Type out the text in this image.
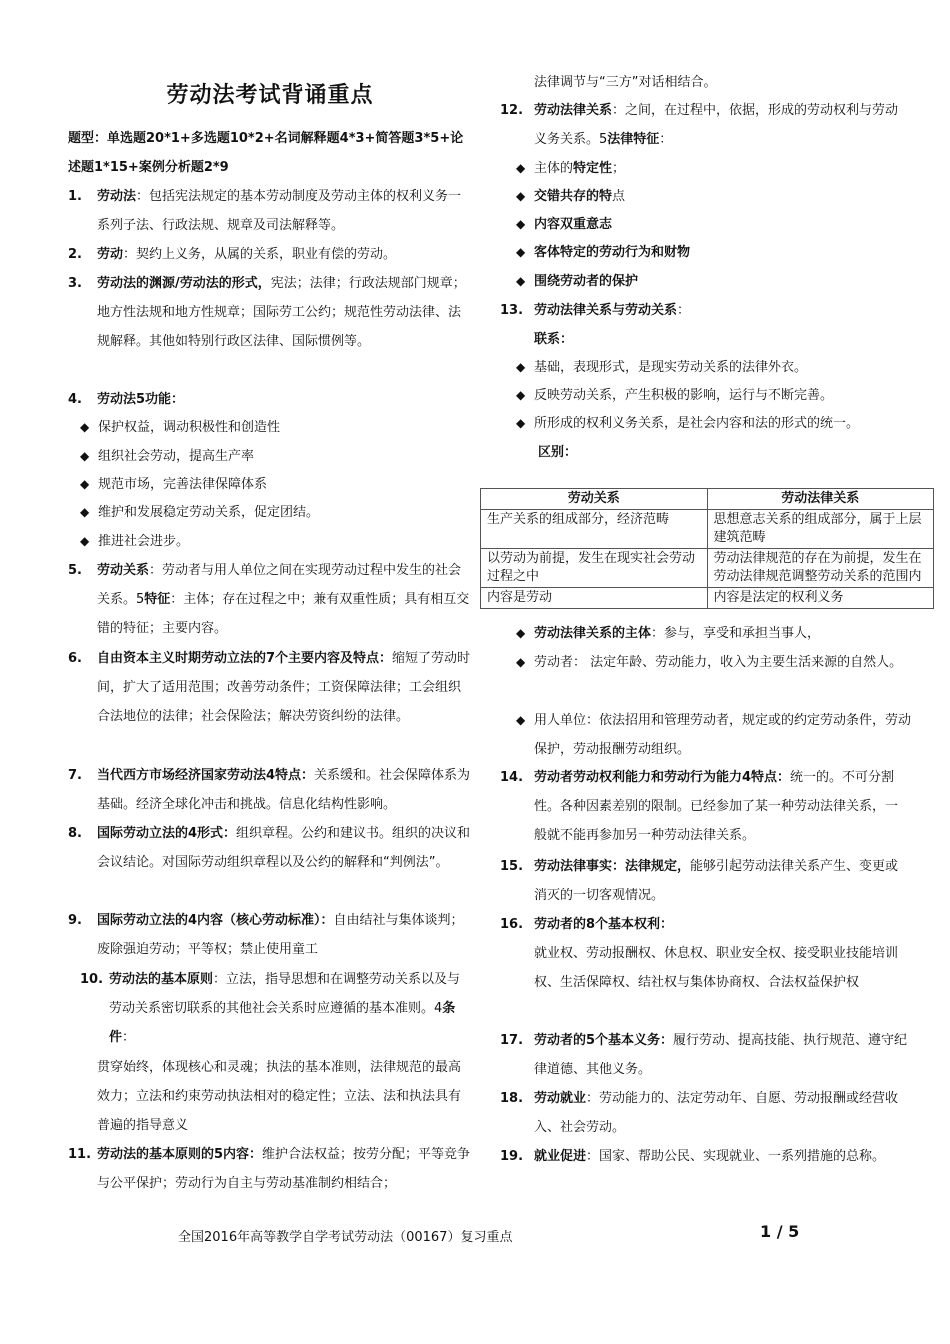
劳动法考试背诵重点
题型：单选题20*1+多选题10*2+名词解释题4*3+简答题3*5+论述题1*15+案例分析题2*9
1.	劳动法：包括宪法规定的基本劳动制度及劳动主体的权利义务一系列子法、行政法规、规章及司法解释等。
2.	劳动：契约上义务，从属的关系，职业有偿的劳动。
3.	劳动法的渊源/劳动法的形式，宪法；法律；行政法规部门规章；地方性法规和地方性规章；国际劳工公约；规范性劳动法律、法规解释。其他如特别行政区法律、国际惯例等。
4.	劳动法5功能：
◆ 保护权益，调动积极性和创造性
◆ 组织社会劳动，提高生产率
◆ 规范市场，完善法律保障体系
◆ 维护和发展稳定劳动关系，促定团结。
◆ 推进社会进步。
5.	劳动关系：劳动者与用人单位之间在实现劳动过程中发生的社会关系。5特征：主体；存在过程之中；兼有双重性质；具有相互交错的特征；主要内容。
6.	自由资本主义时期劳动立法的7个主要内容及特点：缩短了劳动时间，扩大了适用范围；改善劳动条件；工资保障法律；工会组织合法地位的法律；社会保险法；解决劳资纠纷的法律。
7.	当代西方市场经济国家劳动法4特点：关系缓和。社会保障体系为基础。经济全球化冲击和挑战。信息化结构性影响。
8.	国际劳动立法的4形式：组织章程。公约和建议书。组织的决议和会议结论。对国际劳动组织章程以及公约的解释和“判例法”。
9.	国际劳动立法的4内容（核心劳动标准）：自由结社与集体谈判；废除强迫劳动；平等权；禁止使用童工
10. 劳动法的基本原则：立法，指导思想和在调整劳动关系以及与劳动关系密切联系的其他社会关系时应遵循的基本准则。4条件：
贯穿始终，体现核心和灵魂；执法的基本准则，法律规范的最高效力；立法和约束劳动执法相对的稳定性；立法、法和执法具有普遍的指导意义
11. 劳动法的基本原则的5内容：维护合法权益；按劳分配；平等竞争与公平保护；劳动行为自主与劳动基准制约相结合；
法律调节与“三方”对话相结合。
12. 劳动法律关系：之间，在过程中，依据，形成的劳动权利与劳动义务关系。5法律特征：
◆ 主体的特定性；
◆ 交错共存的特点
◆ 内容双重意志
◆ 客体特定的劳动行为和财物
◆ 围绕劳动者的保护
13. 劳动法律关系与劳动关系：
联系：
◆ 基础，表现形式，是现实劳动关系的法律外衣。
◆ 反映劳动关系，产生积极的影响，运行与不断完善。
◆ 所形成的权利义务关系，是社会内容和法的形式的统一。
区别：
劳动关系	劳动法律关系
生产关系的组成部分，经济范畴	思想意志关系的组成部分，属于上层建筑范畴
以劳动为前提，发生在现实社会劳动过程之中	劳动法律规范的存在为前提，发生在劳动法律规范调整劳动关系的范围内
内容是劳动	内容是法定的权利义务
◆ 劳动法律关系的主体：参与，享受和承担当事人，
◆ 劳动者： 法定年龄、劳动能力，收入为主要生活来源的自然人。
◆ 用人单位：依法招用和管理劳动者，规定或的约定劳动条件，劳动保护，劳动报酬劳动组织。
14. 劳动者劳动权利能力和劳动行为能力4特点：统一的。不可分割性。各种因素差别的限制。已经参加了某一种劳动法律关系，一般就不能再参加另一种劳动法律关系。
15. 劳动法律事实：法律规定，能够引起劳动法律关系产生、变更或消灭的一切客观情况。
16. 劳动者的8个基本权利：
就业权、劳动报酬权、休息权、职业安全权、接受职业技能培训权、生活保障权、结社权与集体协商权、合法权益保护权
17. 劳动者的5个基本义务：履行劳动、提高技能、执行规范、遵守纪律道德、其他义务。
18. 劳动就业：劳动能力的、法定劳动年、自愿、劳动报酬或经营收入、社会劳动。
19. 就业促进：国家、帮助公民、实现就业、一系列措施的总称。
全国2016年高等教学自学考试劳动法（00167）复习重点	1 / 5
